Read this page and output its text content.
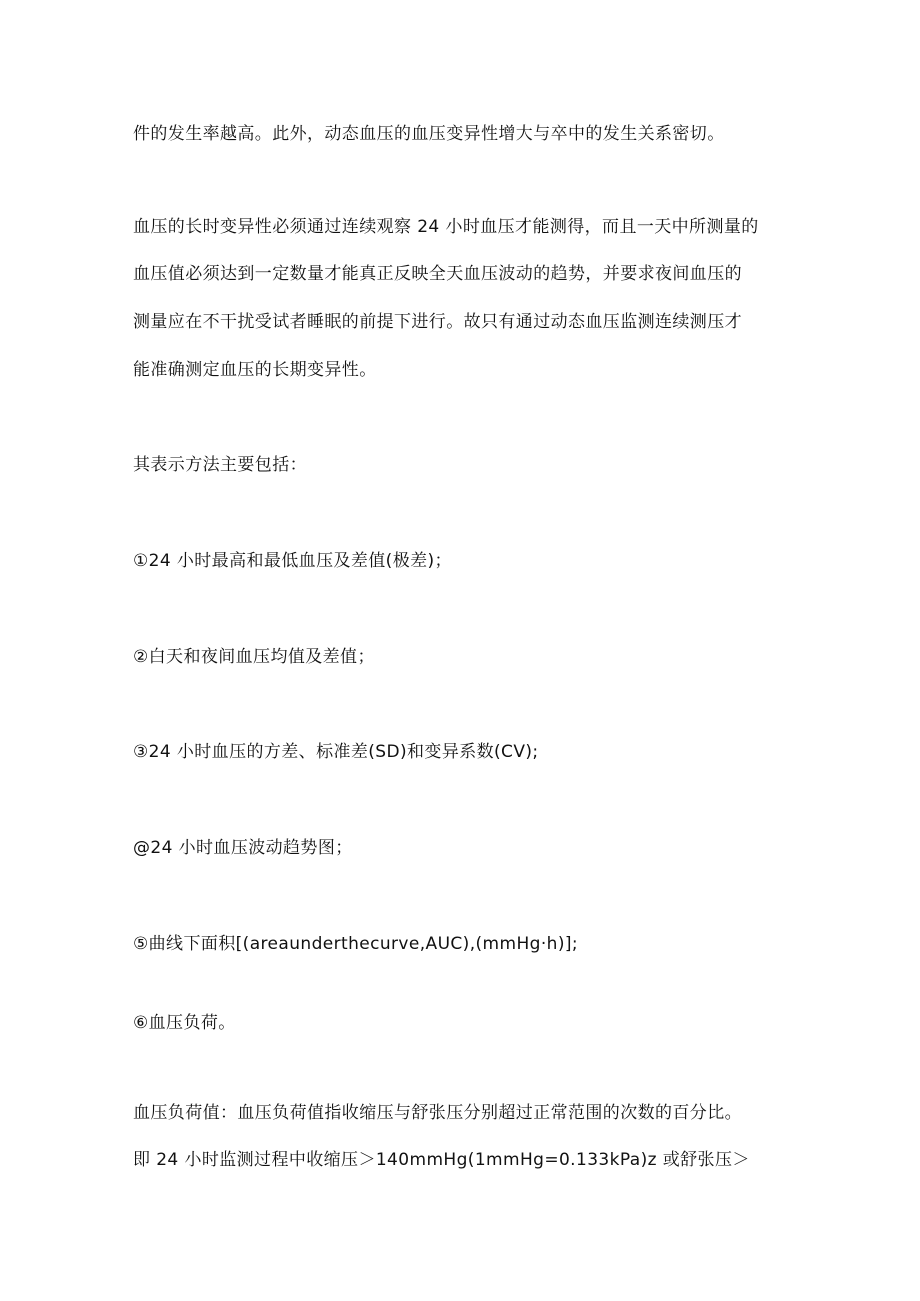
件的发生率越高。此外，动态血压的血压变异性增大与卒中的发生关系密切。
血压的长时变异性必须通过连续观察 24 小时血压才能测得，而且一天中所测量的
血压值必须达到一定数量才能真正反映全天血压波动的趋势，并要求夜间血压的
测量应在不干扰受试者睡眠的前提下进行。故只有通过动态血压监测连续测压才
能准确测定血压的长期变异性。
其表示方法主要包括：
①24 小时最高和最低血压及差值(极差)；
②白天和夜间血压均值及差值；
③24 小时血压的方差、标准差(SD)和变异系数(CV);
@24 小时血压波动趋势图；
⑤曲线下面积[(areaunderthecurve,AUC),(mmHg·h)];
⑥血压负荷。
血压负荷值：血压负荷值指收缩压与舒张压分别超过正常范围的次数的百分比。
即 24 小时监测过程中收缩压＞140mmHg(1mmHg=0.133kPa)z 或舒张压＞
